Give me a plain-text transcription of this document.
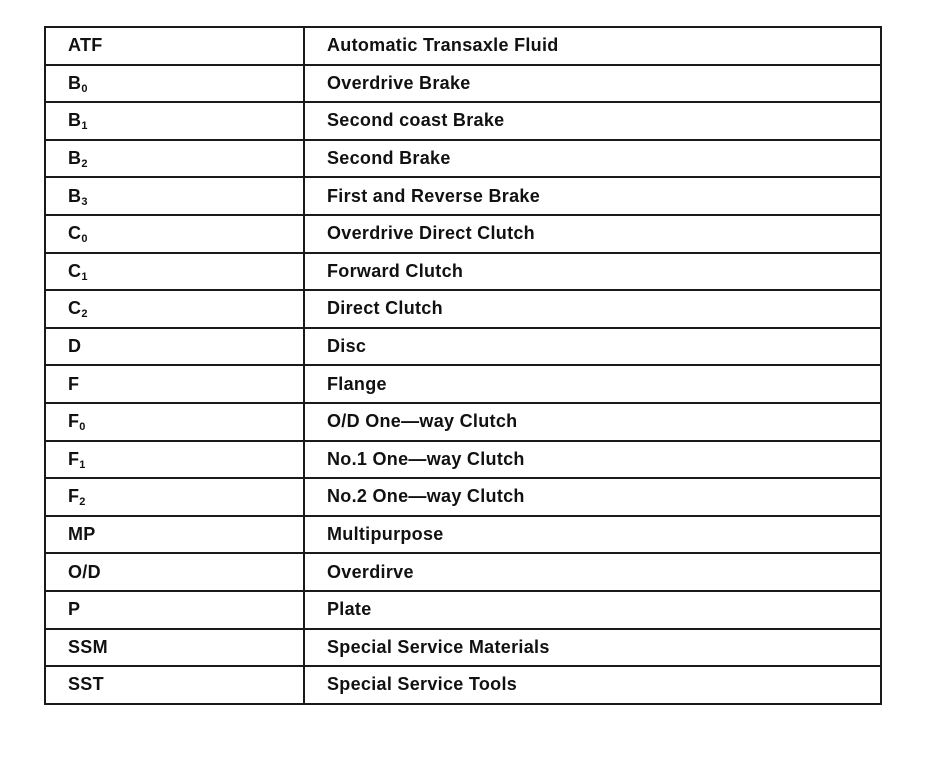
ATF	Automatic Transaxle Fluid
$B_0$	Overdrive Brake
$B_1$	Second coast Brake
$B_2$	Second Brake
$B_3$	First and Reverse Brake
$C_0$	Overdrive Direct Clutch
$C_1$	Forward Clutch
$C_2$	Direct Clutch
D	Disc
F	Flange
$F_0$	O/D One—way Clutch
$F_1$	No.1 One—way Clutch
$F_2$	No.2 One—way Clutch
MP	Multipurpose
O/D	Overdirve
P	Plate
SSM	Special Service Materials
SST	Special Service Tools
